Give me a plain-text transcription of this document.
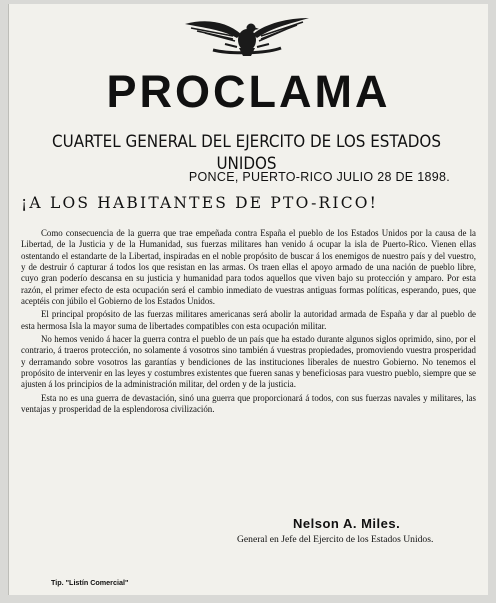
PROCLAMA
CUARTEL GENERAL DEL EJERCITO DE LOS ESTADOS UNIDOS
PONCE, PUERTO-RICO JULIO 28 DE 1898.
¡A LOS HABITANTES DE PTO-RICO!

Como consecuencia de la guerra que trae empeñada contra España el pueblo de los Estados Unidos por la causa de la Libertad, de la Justicia y de la Humanidad, sus fuerzas militares han venido á ocupar la isla de Puerto-Rico. Vienen ellas ostentando el estandarte de la Libertad, inspiradas en el noble propósito de buscar á los enemigos de nuestro país y del vuestro, y de destruir ó capturar á todos los que resistan en las armas. Os traen ellas el apoyo armado de una nación de pueblo libre, cuyo gran poderío descansa en su justicia y humanidad para todos aquellos que viven bajo su protección y amparo. Por esta razón, el primer efecto de esta ocupación será el cambio inmediato de vuestras antiguas formas políticas, esperando, pues, que aceptéis con júbilo el Gobierno de los Estados Unidos.

El principal propósito de las fuerzas militares americanas será abolir la autoridad armada de España y dar al pueblo de esta hermosa Isla la mayor suma de libertades compatibles con esta ocupación militar.

No hemos venido á hacer la guerra contra el pueblo de un país que ha estado durante algunos siglos oprimido, sino, por el contrario, á traeros protección, no solamente á vosotros sino también á vuestras propiedades, promoviendo vuestra prosperidad y derramando sobre vosotros las garantías y bendiciones de las instituciones liberales de nuestro Gobierno. No tenemos el propósito de intervenir en las leyes y costumbres existentes que fueren sanas y beneficiosas para vuestro pueblo, siempre que se ajusten á los principios de la administración militar, del orden y de la justicia.

Esta no es una guerra de devastación, sinó una guerra que proporcionará á todos, con sus fuerzas navales y militares, las ventajas y prosperidad de la esplendorosa civilización.

Nelson A. Miles.
General en Jefe del Ejercito de los Estados Unidos.
Tip. "Listín Comercial"
